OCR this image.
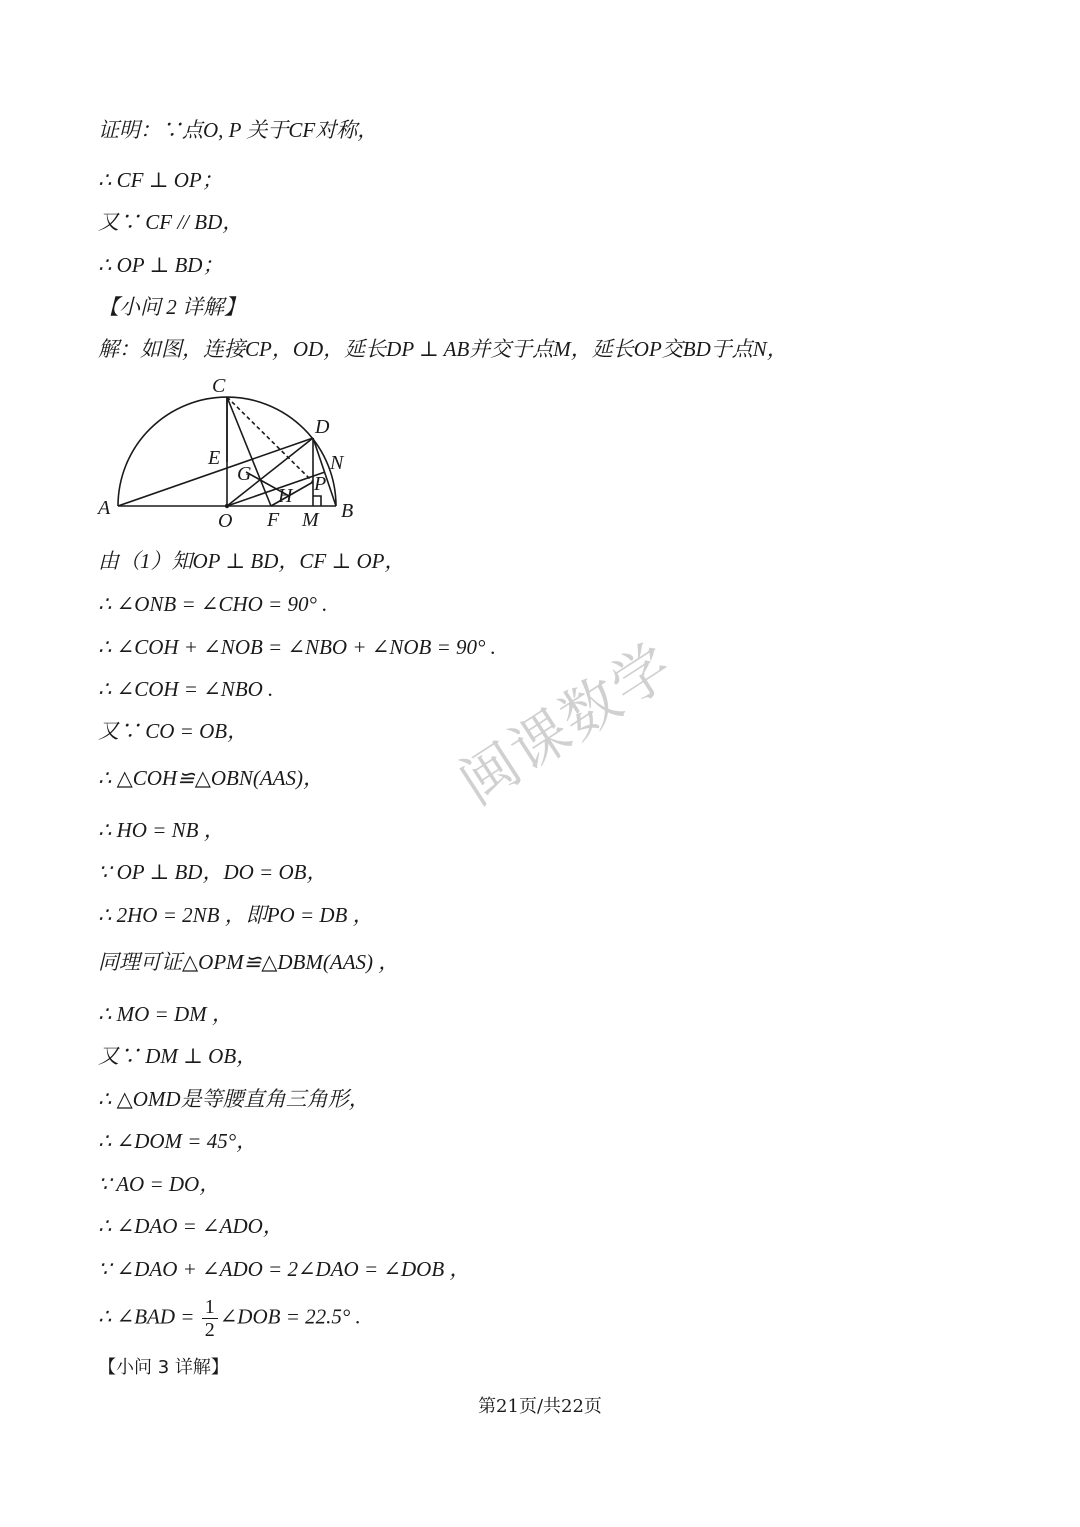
证明：∵点O, P 关于CF对称，
∴ CF ⊥ OP；
又∵ CF // BD，
∴ OP ⊥ BD；
【小问 2 详解】
解：如图，连接CP，OD，延长DP ⊥ AB并交于点M，延长OP交BD于点N，
由（1）知OP ⊥ BD，CF ⊥ OP，
∴ ∠ONB = ∠CHO = 90° .
∴ ∠COH + ∠NOB = ∠NBO + ∠NOB = 90° .
∴ ∠COH = ∠NBO .
又∵ CO = OB，
∴ △COH≌△OBN(AAS)，
∴ HO = NB ，
∵ OP ⊥ BD，DO = OB，
∴ 2HO = 2NB ，即PO = DB ，
同理可证△OPM≌△DBM(AAS) ，
∴ MO = DM ，
又∵ DM ⊥ OB，
∴ △OMD是等腰直角三角形，
∴ ∠DOM = 45°，
∵ AO = DO，
∴ ∠DAO = ∠ADO，
∵ ∠DAO + ∠ADO = 2∠DAO = ∠DOB ，
∴ ∠BAD = $\frac{1}{2}$ ∠DOB = 22.5° .
【小问 3 详解】
C
D
E	N
G
H
P
A
O F M B
闽课数学
第21页/共22页
